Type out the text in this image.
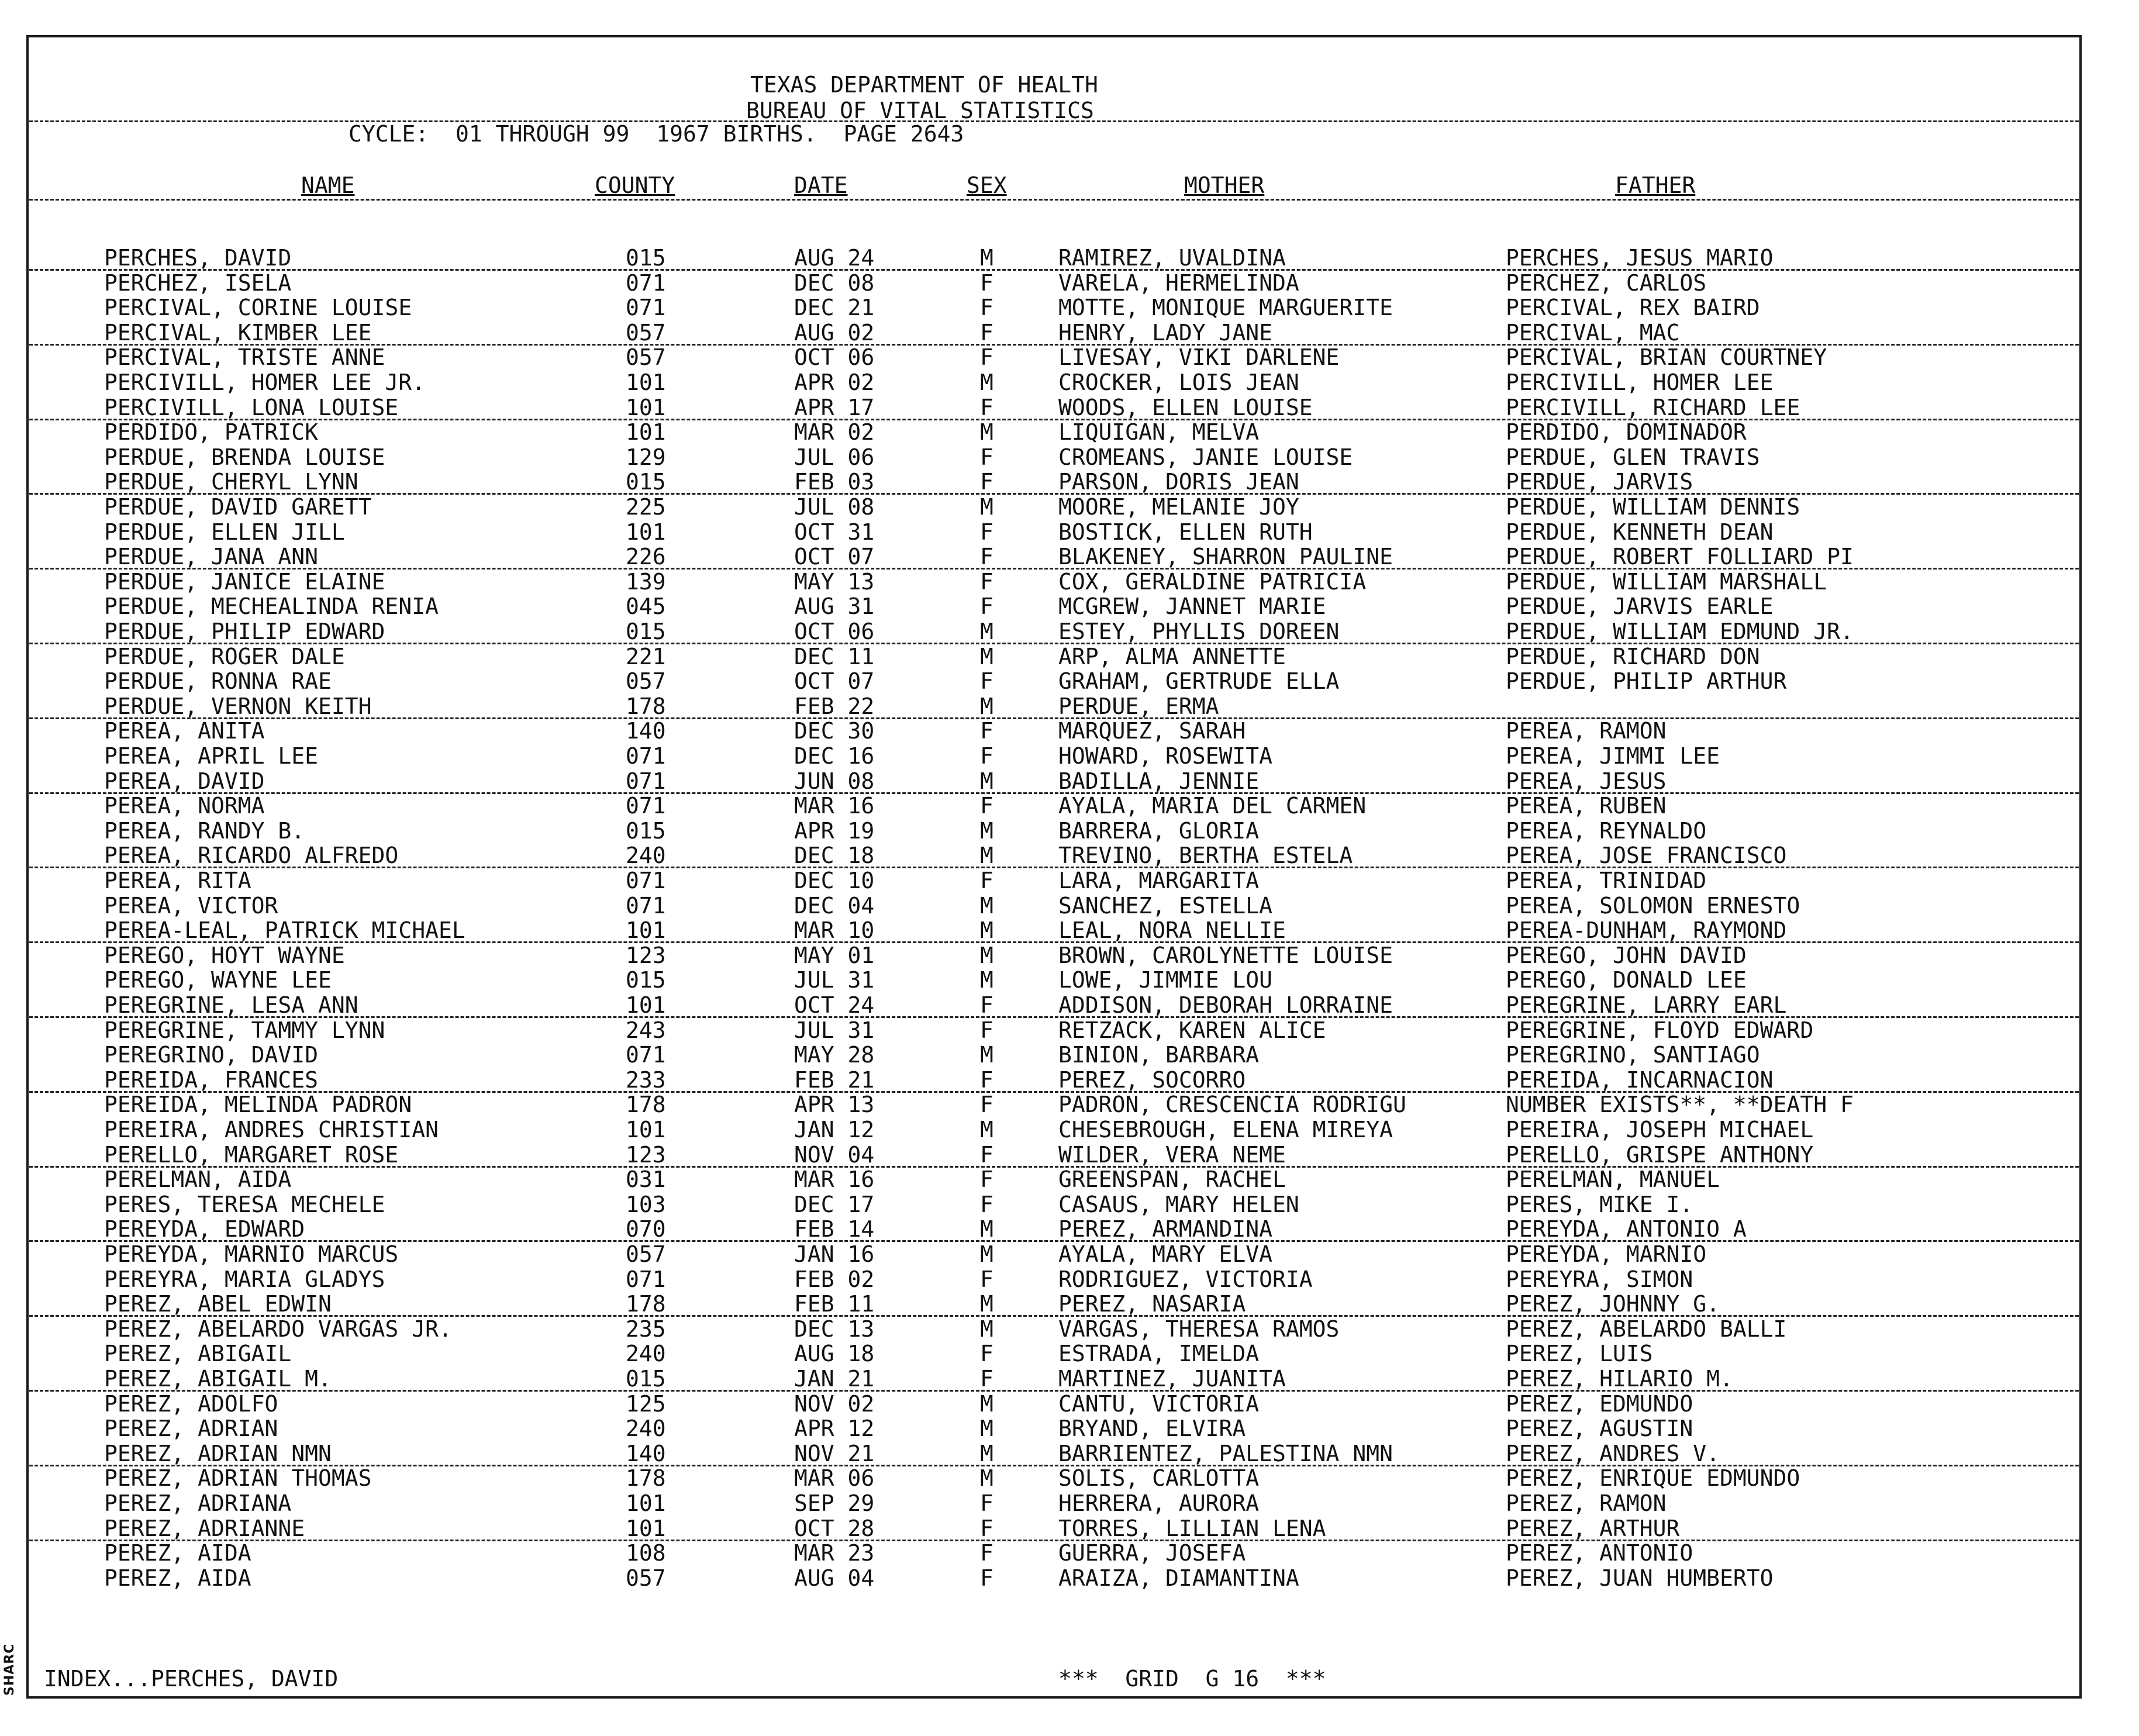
SHARC
TEXAS DEPARTMENT OF HEALTH
BUREAU OF VITAL STATISTICS
CYCLE:  01 THROUGH 99  1967 BIRTHS.  PAGE 2643
NAME	COUNTY	DATE	SEX	MOTHER	FATHER
PERCHES, DAVID	015	AUG 24	M	RAMIREZ, UVALDINA	PERCHES, JESUS MARIO
PERCHEZ, ISELA	071	DEC 08	F	VARELA, HERMELINDA	PERCHEZ, CARLOS
PERCIVAL, CORINE LOUISE	071	DEC 21	F	MOTTE, MONIQUE MARGUERITE	PERCIVAL, REX BAIRD
PERCIVAL, KIMBER LEE	057	AUG 02	F	HENRY, LADY JANE	PERCIVAL, MAC
PERCIVAL, TRISTE ANNE	057	OCT 06	F	LIVESAY, VIKI DARLENE	PERCIVAL, BRIAN COURTNEY
PERCIVILL, HOMER LEE JR.	101	APR 02	M	CROCKER, LOIS JEAN	PERCIVILL, HOMER LEE
PERCIVILL, LONA LOUISE	101	APR 17	F	WOODS, ELLEN LOUISE	PERCIVILL, RICHARD LEE
PERDIDO, PATRICK	101	MAR 02	M	LIQUIGAN, MELVA	PERDIDO, DOMINADOR
PERDUE, BRENDA LOUISE	129	JUL 06	F	CROMEANS, JANIE LOUISE	PERDUE, GLEN TRAVIS
PERDUE, CHERYL LYNN	015	FEB 03	F	PARSON, DORIS JEAN	PERDUE, JARVIS
PERDUE, DAVID GARETT	225	JUL 08	M	MOORE, MELANIE JOY	PERDUE, WILLIAM DENNIS
PERDUE, ELLEN JILL	101	OCT 31	F	BOSTICK, ELLEN RUTH	PERDUE, KENNETH DEAN
PERDUE, JANA ANN	226	OCT 07	F	BLAKENEY, SHARRON PAULINE	PERDUE, ROBERT FOLLIARD PI
PERDUE, JANICE ELAINE	139	MAY 13	F	COX, GERALDINE PATRICIA	PERDUE, WILLIAM MARSHALL
PERDUE, MECHEALINDA RENIA	045	AUG 31	F	MCGREW, JANNET MARIE	PERDUE, JARVIS EARLE
PERDUE, PHILIP EDWARD	015	OCT 06	M	ESTEY, PHYLLIS DOREEN	PERDUE, WILLIAM EDMUND JR.
PERDUE, ROGER DALE	221	DEC 11	M	ARP, ALMA ANNETTE	PERDUE, RICHARD DON
PERDUE, RONNA RAE	057	OCT 07	F	GRAHAM, GERTRUDE ELLA	PERDUE, PHILIP ARTHUR
PERDUE, VERNON KEITH	178	FEB 22	M	PERDUE, ERMA
PEREA, ANITA	140	DEC 30	F	MARQUEZ, SARAH	PEREA, RAMON
PEREA, APRIL LEE	071	DEC 16	F	HOWARD, ROSEWITA	PEREA, JIMMI LEE
PEREA, DAVID	071	JUN 08	M	BADILLA, JENNIE	PEREA, JESUS
PEREA, NORMA	071	MAR 16	F	AYALA, MARIA DEL CARMEN	PEREA, RUBEN
PEREA, RANDY B.	015	APR 19	M	BARRERA, GLORIA	PEREA, REYNALDO
PEREA, RICARDO ALFREDO	240	DEC 18	M	TREVINO, BERTHA ESTELA	PEREA, JOSE FRANCISCO
PEREA, RITA	071	DEC 10	F	LARA, MARGARITA	PEREA, TRINIDAD
PEREA, VICTOR	071	DEC 04	M	SANCHEZ, ESTELLA	PEREA, SOLOMON ERNESTO
PEREA-LEAL, PATRICK MICHAEL	101	MAR 10	M	LEAL, NORA NELLIE	PEREA-DUNHAM, RAYMOND
PEREGO, HOYT WAYNE	123	MAY 01	M	BROWN, CAROLYNETTE LOUISE	PEREGO, JOHN DAVID
PEREGO, WAYNE LEE	015	JUL 31	M	LOWE, JIMMIE LOU	PEREGO, DONALD LEE
PEREGRINE, LESA ANN	101	OCT 24	F	ADDISON, DEBORAH LORRAINE	PEREGRINE, LARRY EARL
PEREGRINE, TAMMY LYNN	243	JUL 31	F	RETZACK, KAREN ALICE	PEREGRINE, FLOYD EDWARD
PEREGRINO, DAVID	071	MAY 28	M	BINION, BARBARA	PEREGRINO, SANTIAGO
PEREIDA, FRANCES	233	FEB 21	F	PEREZ, SOCORRO	PEREIDA, INCARNACION
PEREIDA, MELINDA PADRON	178	APR 13	F	PADRON, CRESCENCIA RODRIGU	NUMBER EXISTS**, **DEATH F
PEREIRA, ANDRES CHRISTIAN	101	JAN 12	M	CHESEBROUGH, ELENA MIREYA	PEREIRA, JOSEPH MICHAEL
PERELLO, MARGARET ROSE	123	NOV 04	F	WILDER, VERA NEME	PERELLO, GRISPE ANTHONY
PERELMAN, AIDA	031	MAR 16	F	GREENSPAN, RACHEL	PERELMAN, MANUEL
PERES, TERESA MECHELE	103	DEC 17	F	CASAUS, MARY HELEN	PERES, MIKE I.
PEREYDA, EDWARD	070	FEB 14	M	PEREZ, ARMANDINA	PEREYDA, ANTONIO A
PEREYDA, MARNIO MARCUS	057	JAN 16	M	AYALA, MARY ELVA	PEREYDA, MARNIO
PEREYRA, MARIA GLADYS	071	FEB 02	F	RODRIGUEZ, VICTORIA	PEREYRA, SIMON
PEREZ, ABEL EDWIN	178	FEB 11	M	PEREZ, NASARIA	PEREZ, JOHNNY G.
PEREZ, ABELARDO VARGAS JR.	235	DEC 13	M	VARGAS, THERESA RAMOS	PEREZ, ABELARDO BALLI
PEREZ, ABIGAIL	240	AUG 18	F	ESTRADA, IMELDA	PEREZ, LUIS
PEREZ, ABIGAIL M.	015	JAN 21	F	MARTINEZ, JUANITA	PEREZ, HILARIO M.
PEREZ, ADOLFO	125	NOV 02	M	CANTU, VICTORIA	PEREZ, EDMUNDO
PEREZ, ADRIAN	240	APR 12	M	BRYAND, ELVIRA	PEREZ, AGUSTIN
PEREZ, ADRIAN NMN	140	NOV 21	M	BARRIENTEZ, PALESTINA NMN	PEREZ, ANDRES V.
PEREZ, ADRIAN THOMAS	178	MAR 06	M	SOLIS, CARLOTTA	PEREZ, ENRIQUE EDMUNDO
PEREZ, ADRIANA	101	SEP 29	F	HERRERA, AURORA	PEREZ, RAMON
PEREZ, ADRIANNE	101	OCT 28	F	TORRES, LILLIAN LENA	PEREZ, ARTHUR
PEREZ, AIDA	108	MAR 23	F	GUERRA, JOSEFA	PEREZ, ANTONIO
PEREZ, AIDA	057	AUG 04	F	ARAIZA, DIAMANTINA	PEREZ, JUAN HUMBERTO
INDEX...PERCHES, DAVID	***  GRID  G 16  ***
